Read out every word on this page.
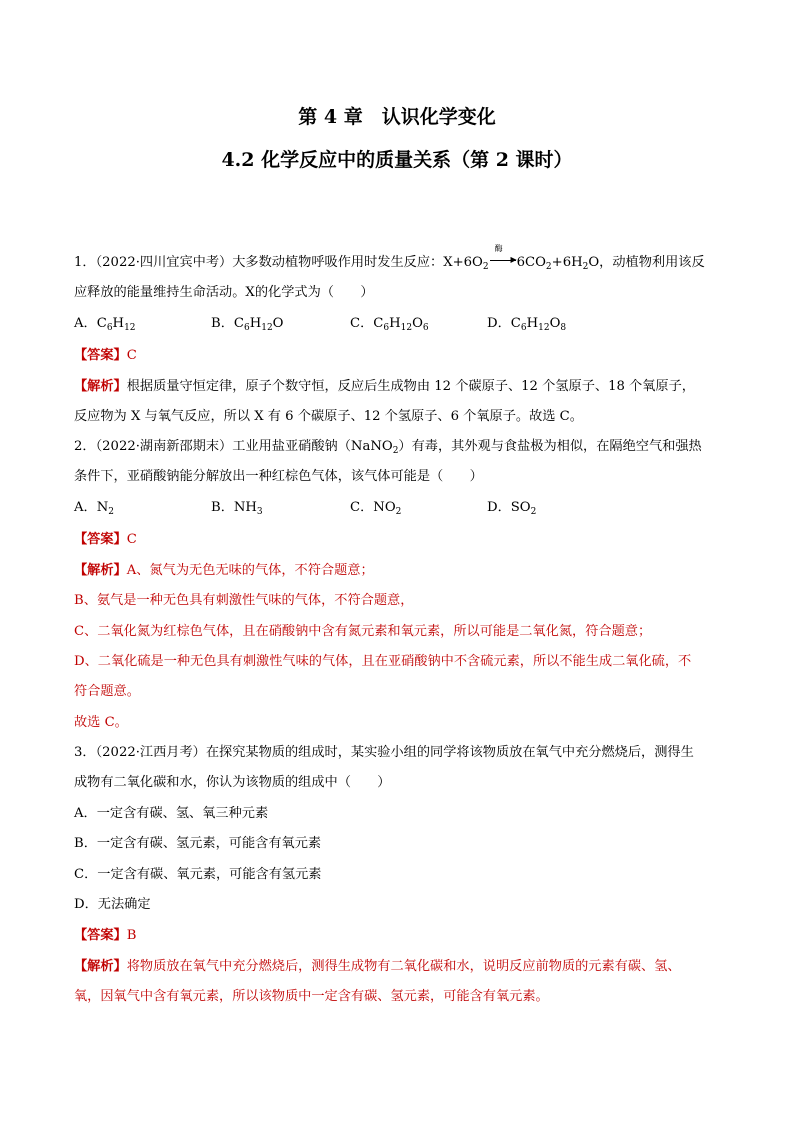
第 4 章　认识化学变化
4.2 化学反应中的质量关系（第 2 课时）
1．（2022·四川宜宾中考）大多数动植物呼吸作用时发生反应：$X+6O_2$
酶
▶ $6CO_2+6H_2O$，动植物利用该反
应释放的能量维持生命活动。X的化学式为（　　）
A．$C_6H_{12}$	B．$C_6H_{12}O$	C．$C_6H_{12}O_6$	D．$C_6H_{12}O_8$
【答案】C
【解析】根据质量守恒定律，原子个数守恒，反应后生成物由 12 个碳原子、12 个氢原子、18 个氧原子，
反应物为 X 与氧气反应，所以 X 有 6 个碳原子、12 个氢原子、6 个氧原子。故选 C。
2．（2022·湖南新邵期末）工业用盐亚硝酸钠（NaNO$_2$）有毒，其外观与食盐极为相似，在隔绝空气和强热
条件下，亚硝酸钠能分解放出一种红棕色气体，该气体可能是（　　）
A．$N_2$	B．$NH_3$	C．$NO_2$	D．$SO_2$
【答案】C
【解析】A、氮气为无色无味的气体，不符合题意；
B、氨气是一种无色具有刺激性气味的气体，不符合题意，
C、二氧化氮为红棕色气体，且在硝酸钠中含有氮元素和氧元素，所以可能是二氧化氮，符合题意；
D、二氧化硫是一种无色具有刺激性气味的气体，且在亚硝酸钠中不含硫元素，所以不能生成二氧化硫，不
符合题意。
故选 C。
3．（2022·江西月考）在探究某物质的组成时，某实验小组的同学将该物质放在氧气中充分燃烧后，测得生
成物有二氧化碳和水，你认为该物质的组成中（　　）
A．一定含有碳、氢、氧三种元素
B．一定含有碳、氢元素，可能含有氧元素
C．一定含有碳、氧元素，可能含有氢元素
D．无法确定
【答案】B
【解析】将物质放在氧气中充分燃烧后，测得生成物有二氧化碳和水，说明反应前物质的元素有碳、氢、
氧，因氧气中含有氧元素，所以该物质中一定含有碳、氢元素，可能含有氧元素。
